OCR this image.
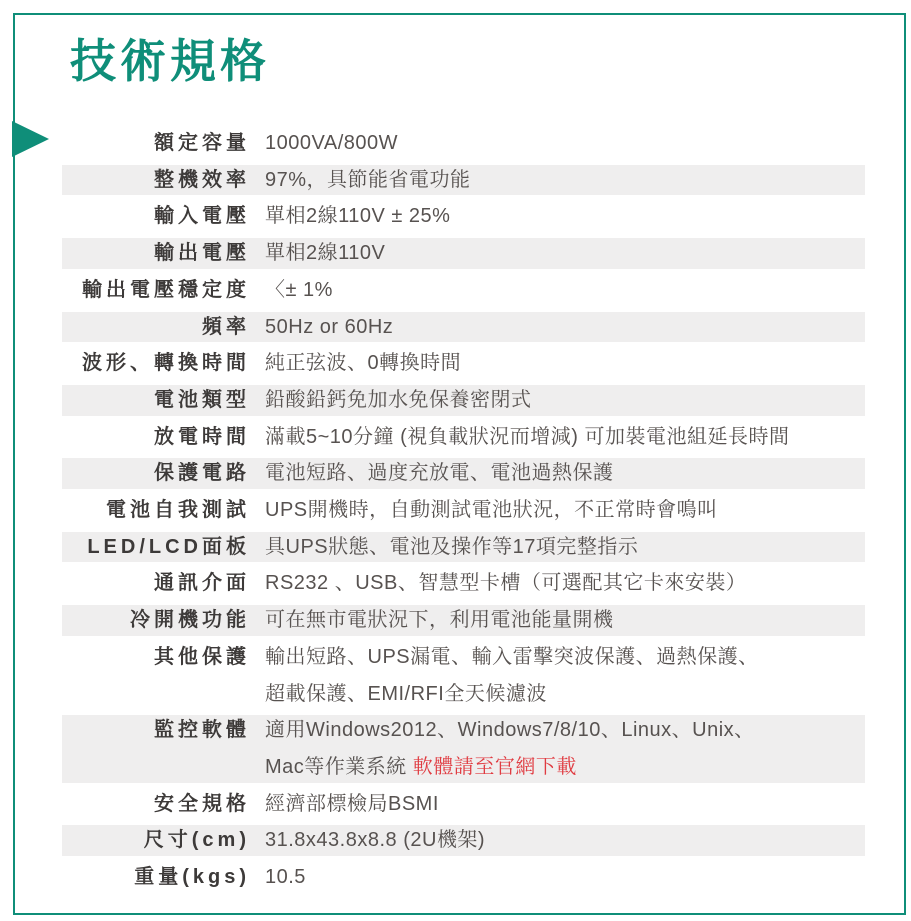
技術規格
額定容量 1000VA/800W
整機效率 97%，具節能省電功能
輸入電壓 單相2線110V ± 25%
輸出電壓 單相2線110V
輸出電壓穩定度 〈± 1%
頻率 50Hz or 60Hz
波形、轉換時間 純正弦波、0轉換時間
電池類型 鉛酸鉛鈣免加水免保養密閉式
放電時間 滿載5~10分鐘 (視負載狀況而增減) 可加裝電池組延長時間
保護電路 電池短路、過度充放電、電池過熱保護
電池自我測試 UPS開機時，自動測試電池狀況，不正常時會鳴叫
LED/LCD面板 具UPS狀態、電池及操作等17項完整指示
通訊介面 RS232 、USB、智慧型卡槽（可選配其它卡來安裝）
冷開機功能 可在無市電狀況下，利用電池能量開機
其他保護 輸出短路、UPS漏電、輸入雷擊突波保護、過熱保護、
超載保護、EMI/RFI全天候濾波
監控軟體 適用Windows2012、Windows7/8/10、Linux、Unix、
Mac等作業系統 軟體請至官網下載
安全規格 經濟部標檢局BSMI
尺寸(cm) 31.8x43.8x8.8 (2U機架)
重量(kgs) 10.5
